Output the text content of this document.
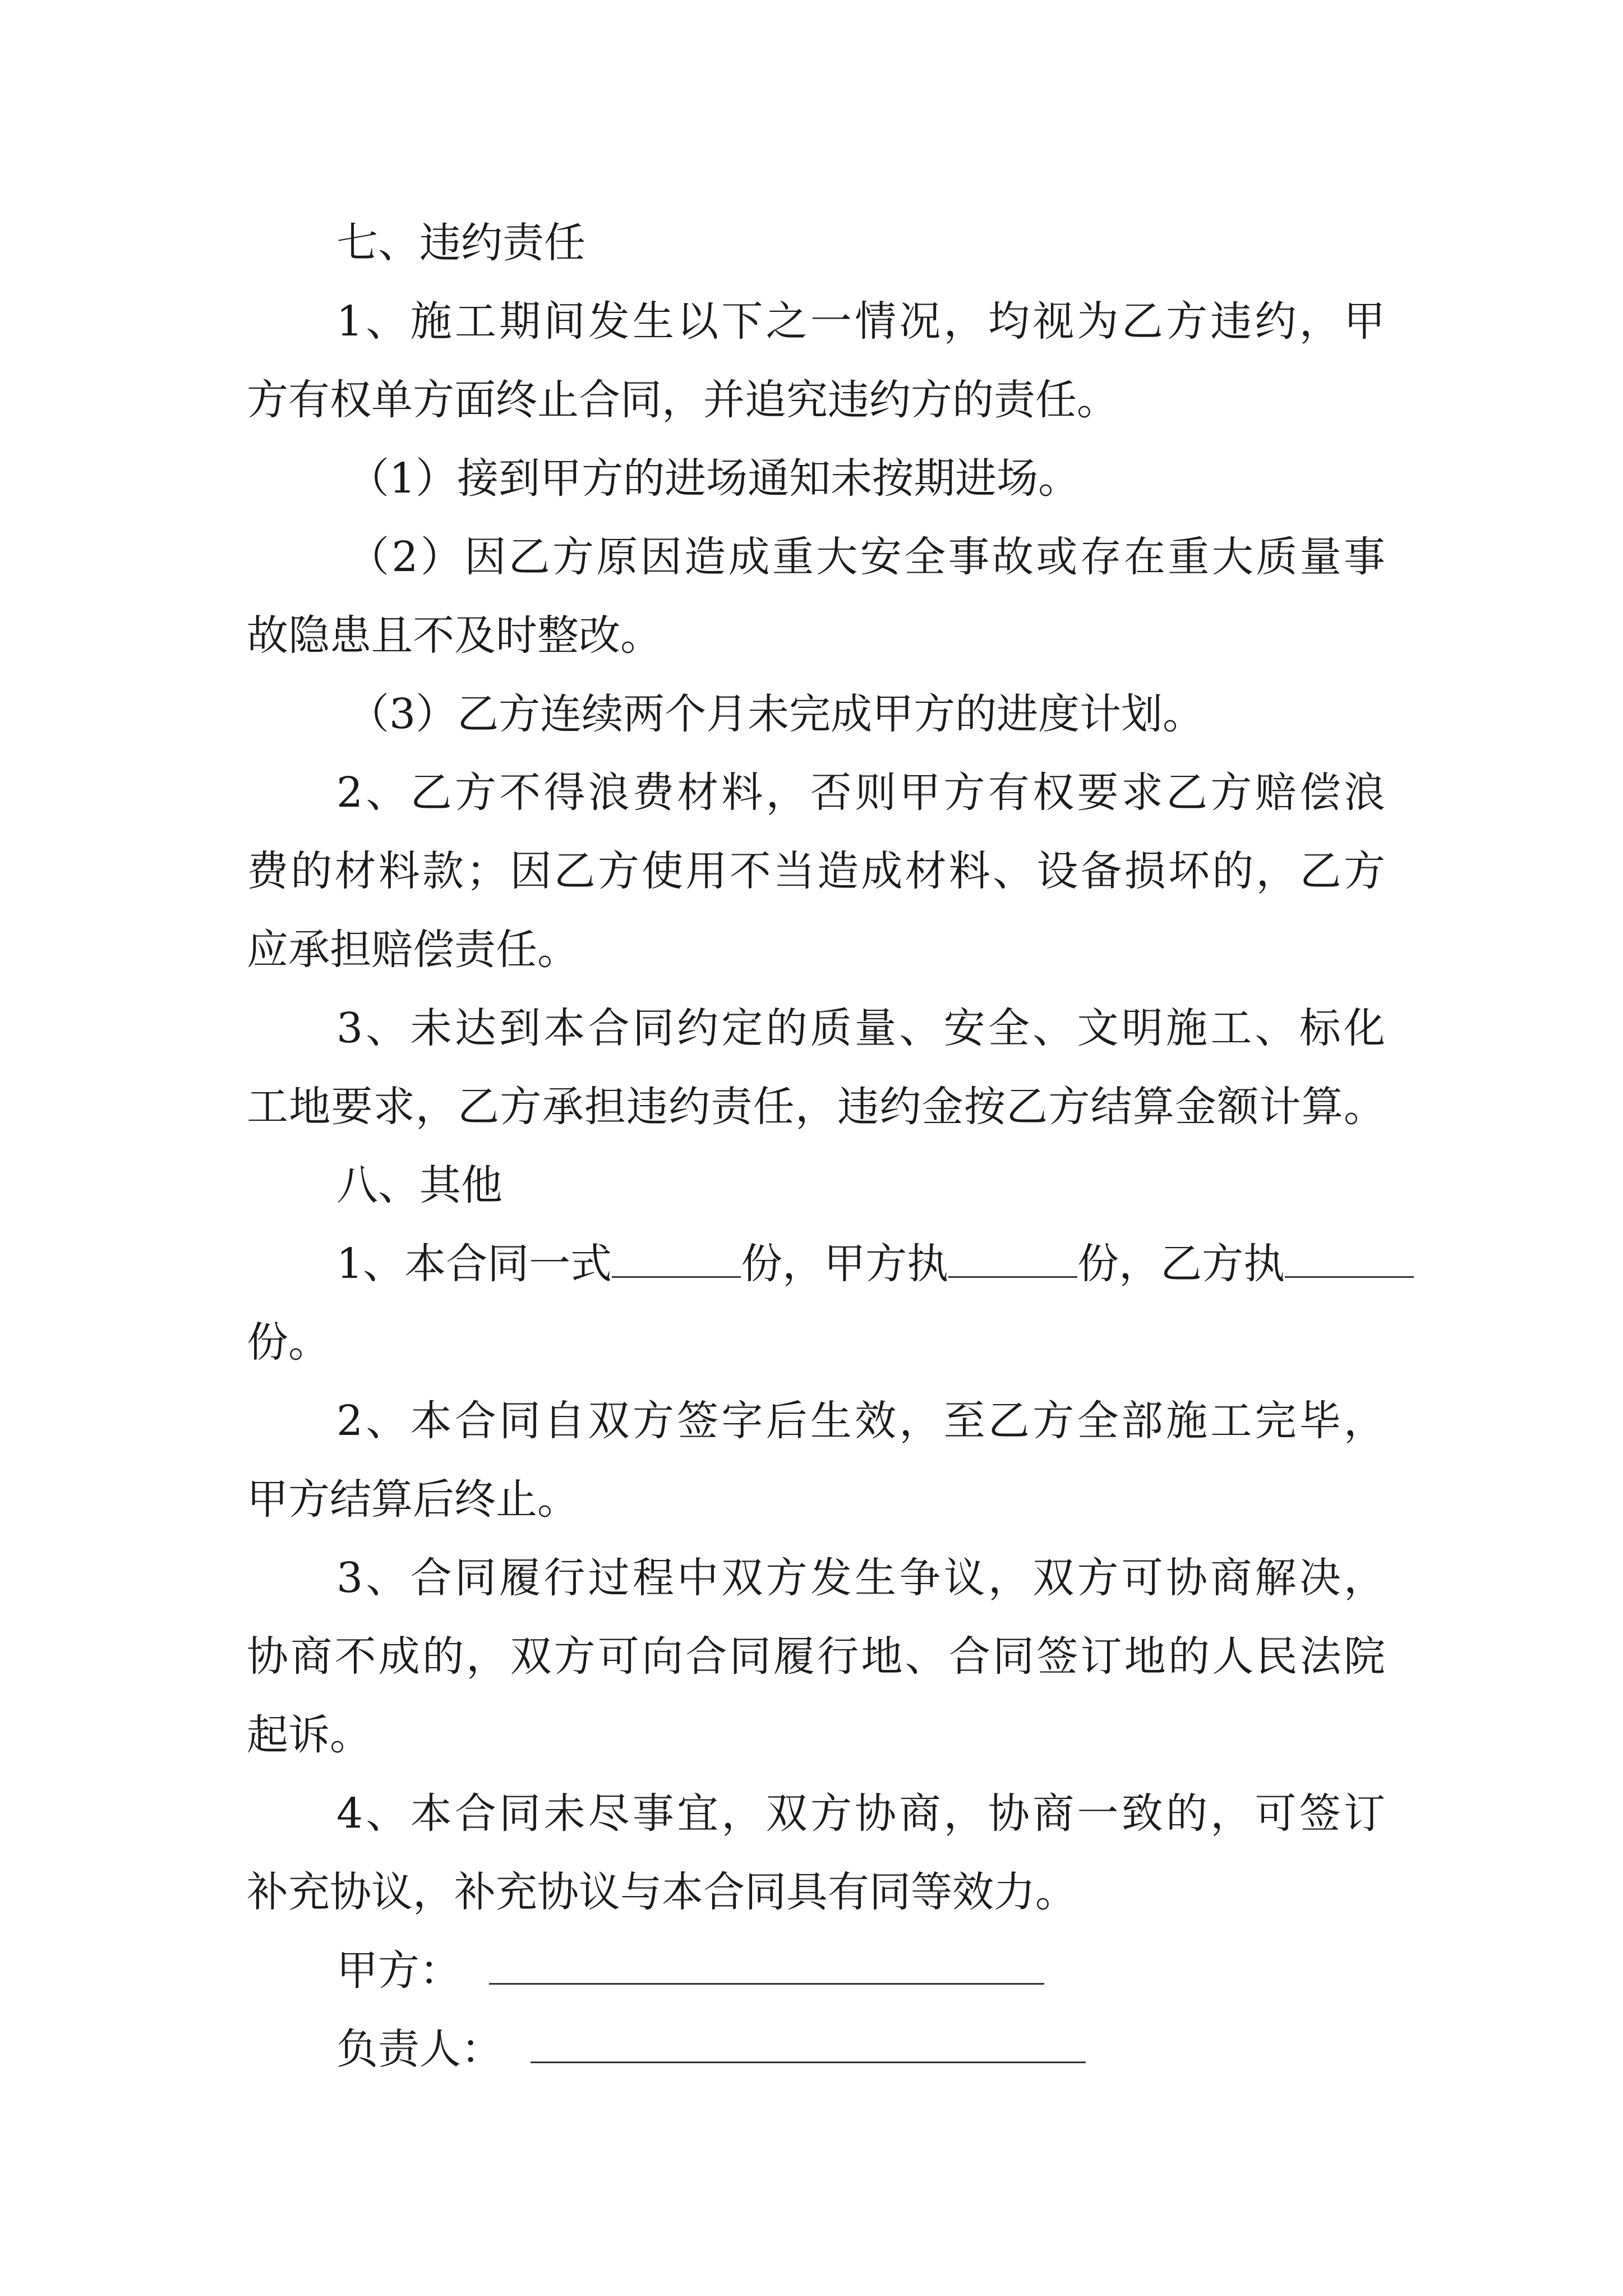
七、违约责任
1、施工期间发生以下之一情况，均视为乙方违约，甲
方有权单方面终止合同，并追究违约方的责任。
（1）接到甲方的进场通知未按期进场。
（2）因乙方原因造成重大安全事故或存在重大质量事
故隐患且不及时整改。
（3）乙方连续两个月未完成甲方的进度计划。
2、乙方不得浪费材料，否则甲方有权要求乙方赔偿浪
费的材料款；因乙方使用不当造成材料、设备损坏的，乙方
应承担赔偿责任。
3、未达到本合同约定的质量、安全、文明施工、标化
工地要求，乙方承担违约责任，违约金按乙方结算金额计算。
八、其他
1、本合同一式	份，甲方执	份，乙方执
份。
2、本合同自双方签字后生效，至乙方全部施工完毕，
甲方结算后终止。
3、合同履行过程中双方发生争议，双方可协商解决，
协商不成的，双方可向合同履行地、合同签订地的人民法院
起诉。
4、本合同未尽事宜，双方协商，协商一致的，可签订
补充协议，补充协议与本合同具有同等效力。
甲方：
负责人：
